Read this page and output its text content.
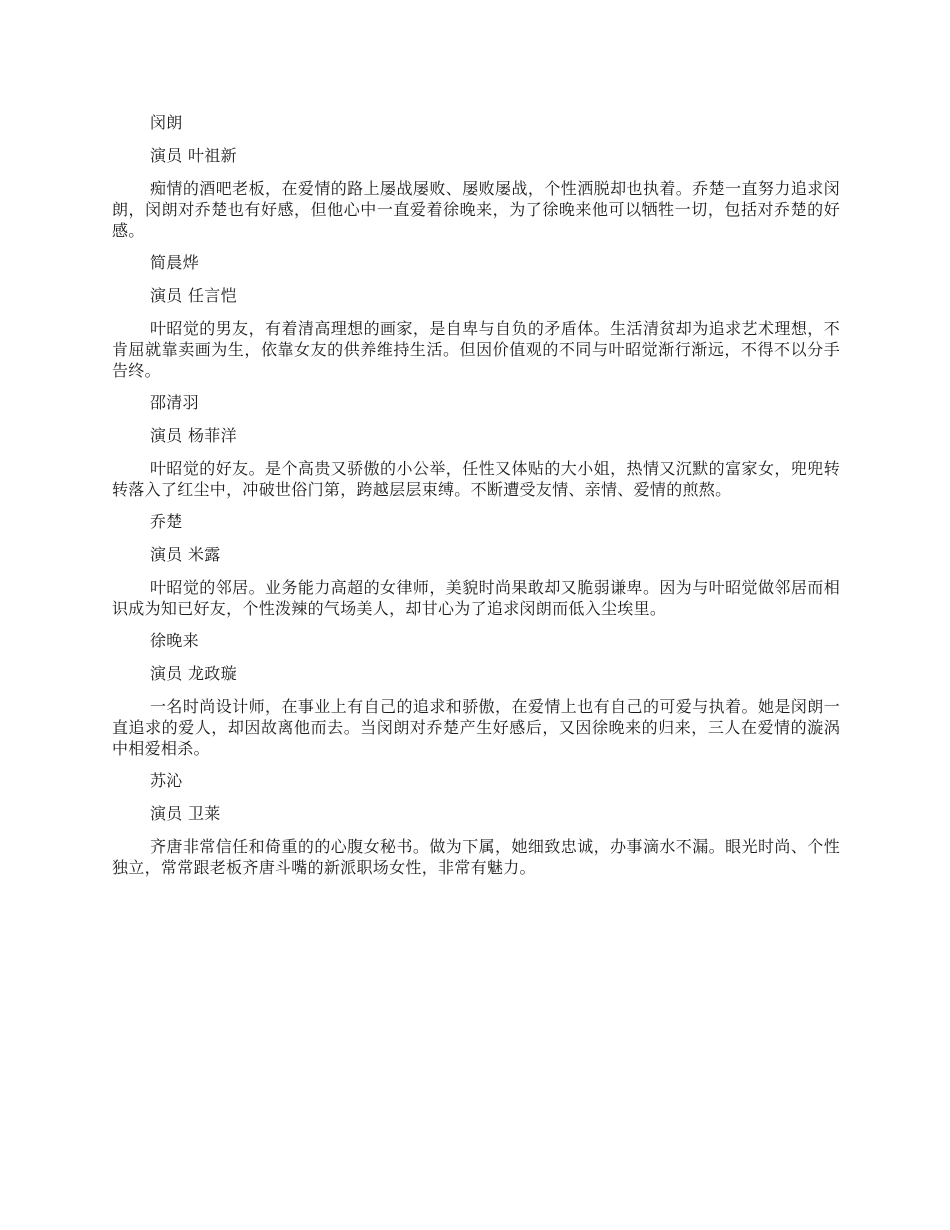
闵朗

演员 叶祖新

痴情的酒吧老板，在爱情的路上屡战屡败、屡败屡战，个性洒脱却也执着。乔楚一直努力追求闵朗，闵朗对乔楚也有好感，但他心中一直爱着徐晚来，为了徐晚来他可以牺牲一切，包括对乔楚的好感。

简晨烨

演员 任言恺

叶昭觉的男友，有着清高理想的画家，是自卑与自负的矛盾体。生活清贫却为追求艺术理想，不肯屈就靠卖画为生，依靠女友的供养维持生活。但因价值观的不同与叶昭觉渐行渐远，不得不以分手告终。

邵清羽

演员 杨菲洋

叶昭觉的好友。是个高贵又骄傲的小公举，任性又体贴的大小姐，热情又沉默的富家女，兜兜转转落入了红尘中，冲破世俗门第，跨越层层束缚。不断遭受友情、亲情、爱情的煎熬。

乔楚

演员 米露

叶昭觉的邻居。业务能力高超的女律师，美貌时尚果敢却又脆弱谦卑。因为与叶昭觉做邻居而相识成为知已好友，个性泼辣的气场美人，却甘心为了追求闵朗而低入尘埃里。

徐晚来

演员 龙政璇

一名时尚设计师，在事业上有自己的追求和骄傲，在爱情上也有自己的可爱与执着。她是闵朗一直追求的爱人，却因故离他而去。当闵朗对乔楚产生好感后，又因徐晚来的归来，三人在爱情的漩涡中相爱相杀。

苏沁

演员 卫莱

齐唐非常信任和倚重的的心腹女秘书。做为下属，她细致忠诚，办事滴水不漏。眼光时尚、个性独立，常常跟老板齐唐斗嘴的新派职场女性，非常有魅力。
